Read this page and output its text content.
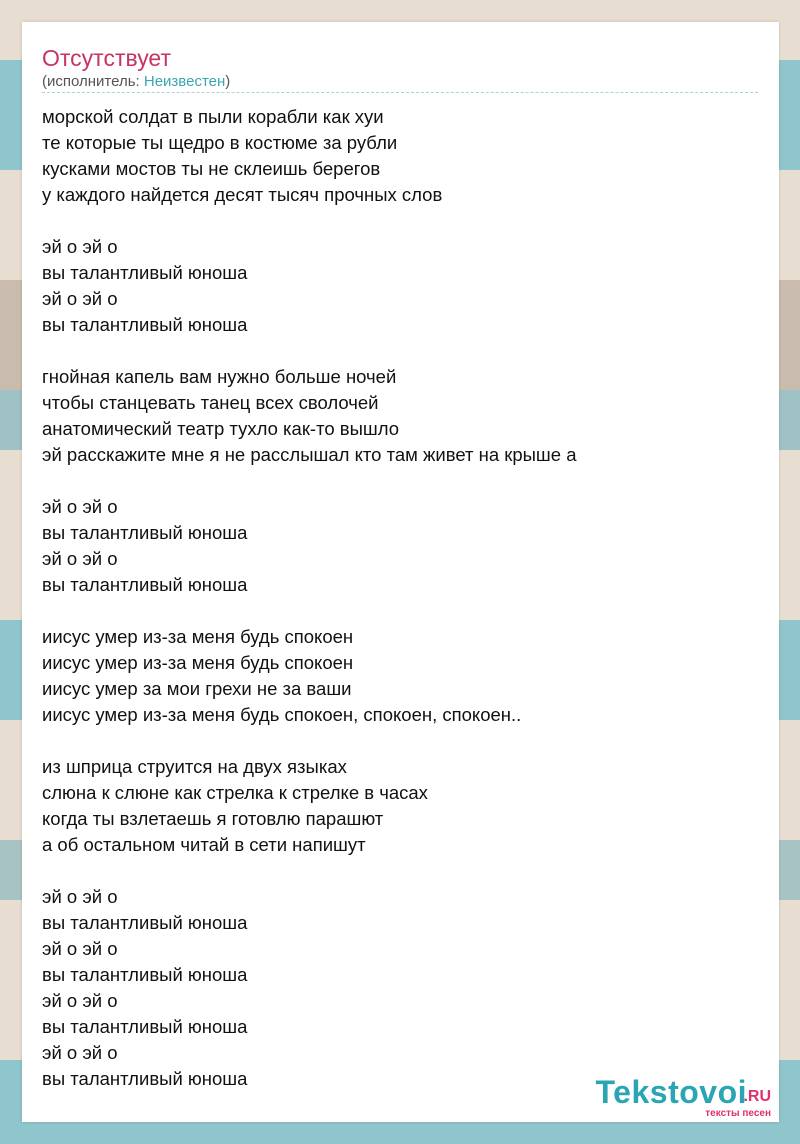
Отсутствует
(исполнитель: Неизвестен)
морской солдат в пыли корабли как хуи
те которые ты щедро в костюме за рубли
кусками мостов ты не склеишь берегов
у каждого найдется десят тысяч прочных слов
эй о эй о
вы талантливый юноша
эй о эй о
вы талантливый юноша
гнойная капель вам нужно больше ночей
чтобы станцевать танец всех сволочей
анатомический театр тухло как-то вышло
эй расскажите мне я не расслышал кто там живет на крыше а
эй о эй о
вы талантливый юноша
эй о эй о
вы талантливый юноша
иисус умер из-за меня будь спокоен
иисус умер из-за меня будь спокоен
иисус умер за мои грехи не за ваши
иисус умер из-за меня будь спокоен, спокоен, спокоен..
из шприца струится на двух языках
слюна к слюне как стрелка к стрелке в часах
когда ты взлетаешь я готовлю парашют
а об остальном читай в сети напишут
эй о эй о
вы талантливый юноша
эй о эй о
вы талантливый юноша
эй о эй о
вы талантливый юноша
эй о эй о
вы талантливый юноша	Tekstovoi
.RU
тексты песен
